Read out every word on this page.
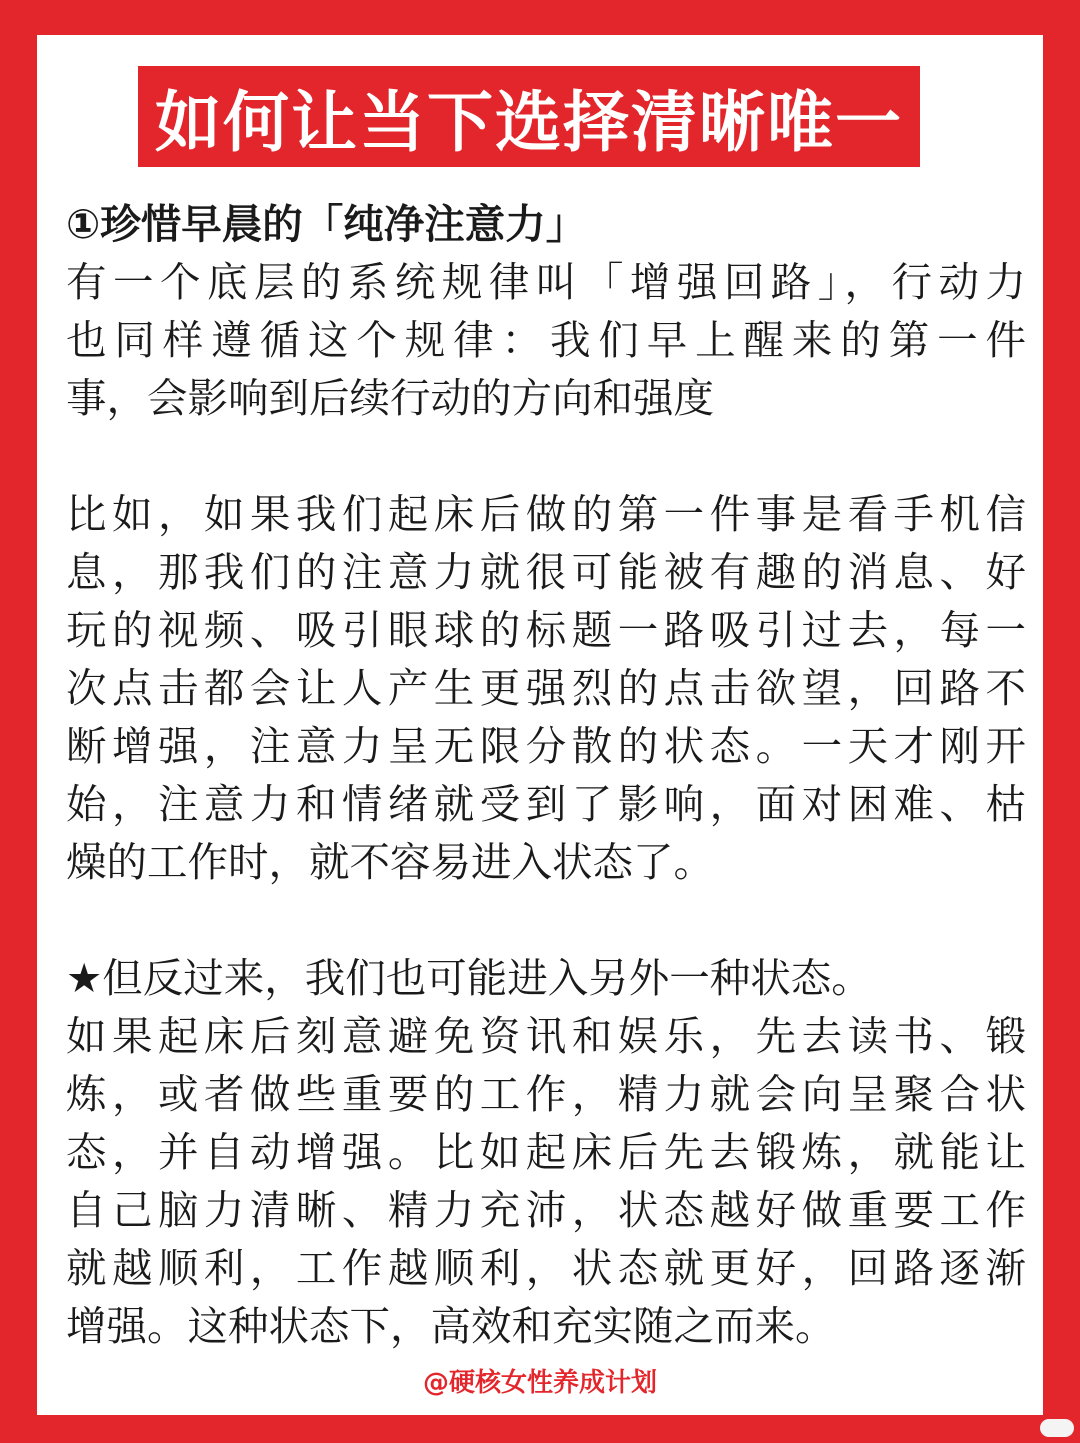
如何让当下选择清晰唯一
①珍惜早晨的「纯净注意力」
有一个底层的系统规律叫「增强回路」，行动力
也同样遵循这个规律：我们早上醒来的第一件
事，会影响到后续行动的方向和强度
比如，如果我们起床后做的第一件事是看手机信
息，那我们的注意力就很可能被有趣的消息、好
玩的视频、吸引眼球的标题一路吸引过去，每一
次点击都会让人产生更强烈的点击欲望，回路不
断增强，注意力呈无限分散的状态。一天才刚开
始，注意力和情绪就受到了影响，面对困难、枯
燥的工作时，就不容易进入状态了。
★但反过来，我们也可能进入另外一种状态。
如果起床后刻意避免资讯和娱乐，先去读书、锻
炼，或者做些重要的工作，精力就会向呈聚合状
态，并自动增强。比如起床后先去锻炼，就能让
自己脑力清晰、精力充沛，状态越好做重要工作
就越顺利，工作越顺利，状态就更好，回路逐渐
增强。这种状态下，高效和充实随之而来。
@硬核女性养成计划
